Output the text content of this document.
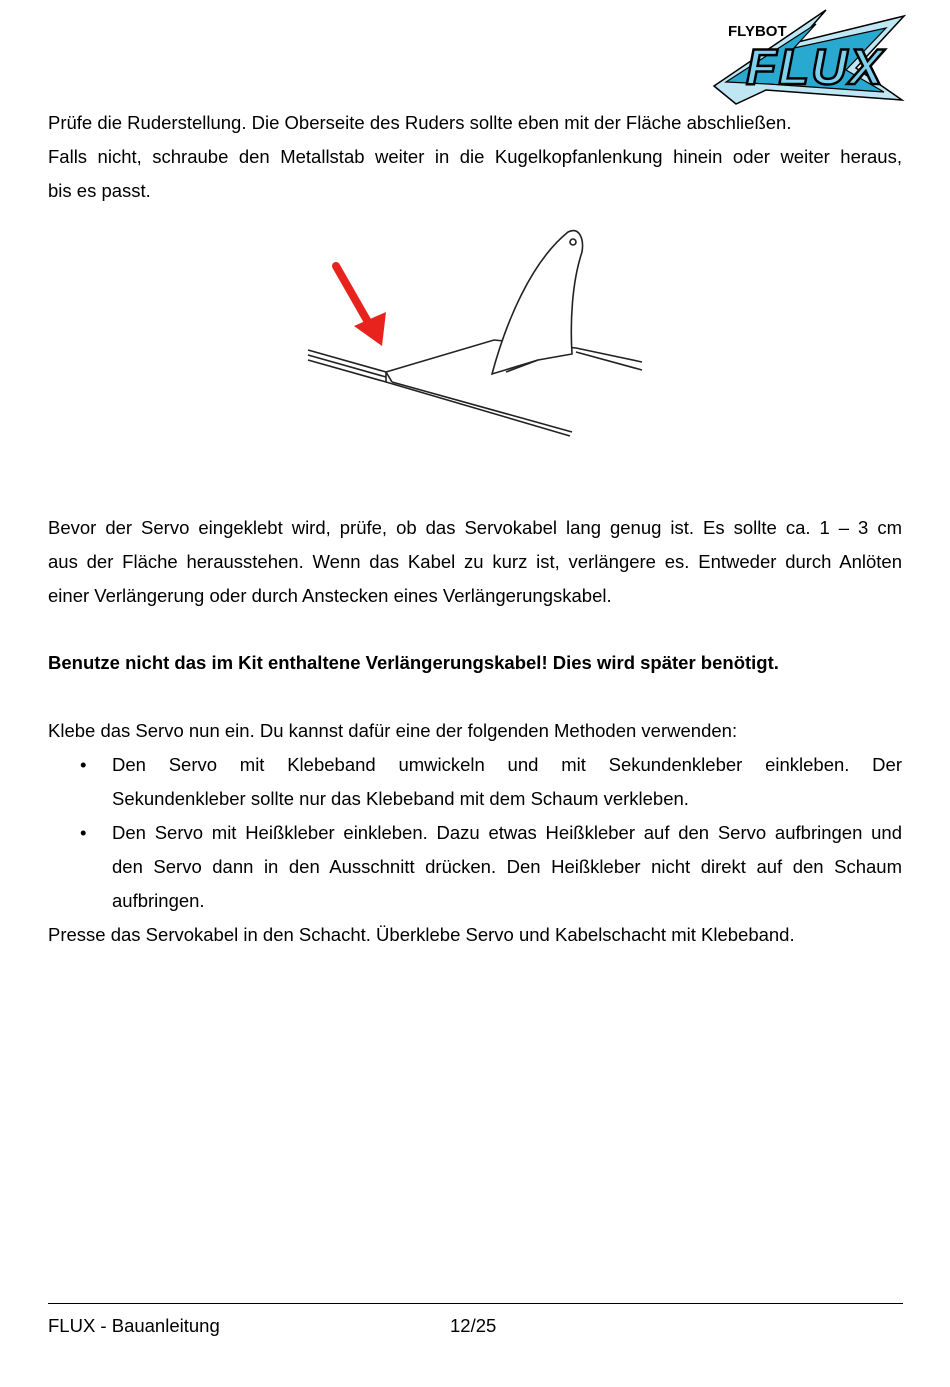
FLYBOT
FLUX
Prüfe die Ruderstellung. Die Oberseite des Ruders sollte eben mit der Fläche abschließen.
Falls nicht, schraube den Metallstab weiter in die Kugelkopfanlenkung hinein oder weiter heraus,
bis es passt.
Bevor der Servo eingeklebt wird, prüfe, ob das Servokabel lang genug ist. Es sollte ca. 1 – 3 cm
aus der Fläche herausstehen. Wenn das Kabel zu kurz ist, verlängere es. Entweder durch Anlöten
einer Verlängerung oder durch Anstecken eines Verlängerungskabel.
Benutze nicht das im Kit enthaltene Verlängerungskabel! Dies wird später benötigt.
Klebe das Servo nun ein. Du kannst dafür eine der folgenden Methoden verwenden:
•	Den Servo mit Klebeband umwickeln und mit Sekundenkleber einkleben. Der
Sekundenkleber sollte nur das Klebeband mit dem Schaum verkleben.
•	Den Servo mit Heißkleber einkleben. Dazu etwas Heißkleber auf den Servo aufbringen und
den Servo dann in den Ausschnitt drücken. Den Heißkleber nicht direkt auf den Schaum
aufbringen.
Presse das Servokabel in den Schacht. Überklebe Servo und Kabelschacht mit Klebeband.
FLUX - Bauanleitung	12/25
